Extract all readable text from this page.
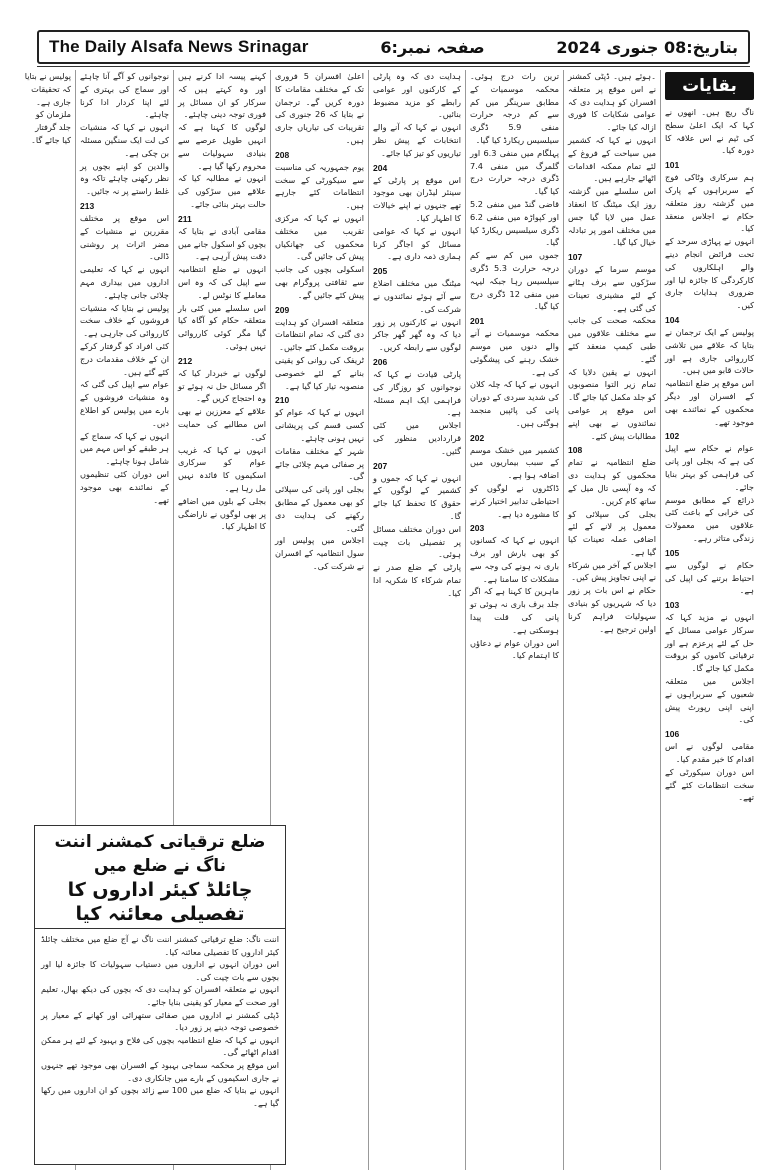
The Daily Alsafa News Srinagar	صفحہ نمبر:6	بتاریخ:08 جنوری 2024
بقایات

ناگ ریچ ہیں۔ انھوں نے کہا کہ ایک اعلیٰ سطح کی ٹیم نے اس علاقہ کا دورہ کیا۔

101

ہم سرکاری وٹاکی فوج کے سربراہوں کے پارک میں گزشتہ روز متعلقہ حکام نے اجلاس منعقد کیا۔

انہوں نے پہاڑی سرحد کے تحت فرائض انجام دینے والے اہلکاروں کی کارکردگی کا جائزہ لیا اور ضروری ہدایات جاری کیں۔

104

پولیس کے ایک ترجمان نے بتایا کہ علاقے میں تلاشی کارروائی جاری ہے اور حالات قابو میں ہیں۔

اس موقع پر ضلع انتظامیہ کے افسران اور دیگر محکموں کے نمائندے بھی موجود تھے۔

102

عوام نے حکام سے اپیل کی ہے کہ بجلی اور پانی کی فراہمی کو بہتر بنایا جائے۔

ذرائع کے مطابق موسم کی خرابی کے باعث کئی علاقوں میں معمولات زندگی متاثر رہے۔

105

حکام نے لوگوں سے احتیاط برتنے کی اپیل کی ہے۔

103

انہوں نے مزید کہا کہ سرکار عوامی مسائل کے حل کے لئے پرعزم ہے اور ترقیاتی کاموں کو بروقت مکمل کیا جائے گا۔

اجلاس میں متعلقہ شعبوں کے سربراہوں نے اپنی اپنی رپورٹ پیش کی۔

106

مقامی لوگوں نے اس اقدام کا خیر مقدم کیا۔

اس دوران سیکورٹی کے سخت انتظامات کئے گئے تھے۔

۔ہوئے ہیں۔ ڈپٹی کمشنر نے اس موقع پر متعلقہ افسران کو ہدایت دی کہ عوامی شکایات کا فوری ازالہ کیا جائے۔

انہوں نے کہا کہ کشمیر میں سیاحت کے فروغ کے لئے تمام ممکنہ اقدامات اٹھائے جارہے ہیں۔

اس سلسلے میں گزشتہ روز ایک میٹنگ کا انعقاد عمل میں لایا گیا جس میں مختلف امور پر تبادلہ خیال کیا گیا۔

107

موسم سرما کے دوران سڑکوں سے برف ہٹانے کے لئے مشینری تعینات کی گئی ہے۔

محکمہ صحت کی جانب سے مختلف علاقوں میں طبی کیمپ منعقد کئے گئے۔

انہوں نے یقین دلایا کہ تمام زیر التوا منصوبوں کو جلد مکمل کیا جائے گا۔

اس موقع پر عوامی نمائندوں نے بھی اپنے مطالبات پیش کئے۔

108

ضلع انتظامیہ نے تمام محکموں کو ہدایت دی کہ وہ آپسی تال میل کے ساتھ کام کریں۔

بجلی کی سپلائی کو معمول پر لانے کے لئے اضافی عملہ تعینات کیا گیا ہے۔

اجلاس کے آخر میں شرکاء نے اپنی تجاویز پیش کیں۔

حکام نے اس بات پر زور دیا کہ شہریوں کو بنیادی سہولیات فراہم کرنا اولین ترجیح ہے۔

ترین رات درج ہوئی۔ محکمہ موسمیات کے مطابق سرینگر میں کم سے کم درجہ حرارت منفی 5.9 ڈگری سیلسیس ریکارڈ کیا گیا۔

پہلگام میں منفی 6.3 اور گلمرگ میں منفی 7.4 ڈگری درجہ حرارت درج کیا گیا۔

قاضی گنڈ میں منفی 5.2 اور کپواڑہ میں منفی 6.2 ڈگری سیلسیس ریکارڈ کیا گیا۔

جموں میں کم سے کم درجہ حرارت 5.3 ڈگری سیلسیس رہا جبکہ لیہہ میں منفی 12 ڈگری درج کیا گیا۔

201

محکمہ موسمیات نے آنے والے دنوں میں موسم خشک رہنے کی پیشگوئی کی ہے۔

انہوں نے کہا کہ چلہ کلان کی شدید سردی کے دوران پانی کی پائپیں منجمد ہوگئی ہیں۔

202

کشمیر میں خشک موسم کے سبب بیماریوں میں اضافہ ہوا ہے۔

ڈاکٹروں نے لوگوں کو احتیاطی تدابیر اختیار کرنے کا مشورہ دیا ہے۔

203

انہوں نے کہا کہ کسانوں کو بھی بارش اور برف باری نہ ہونے کی وجہ سے مشکلات کا سامنا ہے۔

ماہرین کا کہنا ہے کہ اگر جلد برف باری نہ ہوئی تو پانی کی قلت پیدا ہوسکتی ہے۔

اس دوران عوام نے دعاؤں کا اہتمام کیا۔

ہدایت دی کہ وہ پارٹی کے کارکنوں اور عوامی رابطے کو مزید مضبوط بنائیں۔

انہوں نے کہا کہ آنے والے انتخابات کے پیش نظر تیاریوں کو تیز کیا جائے۔

204

اس موقع پر پارٹی کے سینئر لیڈران بھی موجود تھے جنہوں نے اپنے خیالات کا اظہار کیا۔

انہوں نے کہا کہ عوامی مسائل کو اجاگر کرنا ہماری ذمہ داری ہے۔

205

میٹنگ میں مختلف اضلاع سے آئے ہوئے نمائندوں نے شرکت کی۔

انہوں نے کارکنوں پر زور دیا کہ وہ گھر گھر جاکر لوگوں سے رابطہ کریں۔

206

پارٹی قیادت نے کہا کہ نوجوانوں کو روزگار کی فراہمی ایک اہم مسئلہ ہے۔

اجلاس میں کئی قراردادیں منظور کی گئیں۔

207

انہوں نے کہا کہ جموں و کشمیر کے لوگوں کے حقوق کا تحفظ کیا جائے گا۔

اس دوران مختلف مسائل پر تفصیلی بات چیت ہوئی۔

پارٹی کے ضلع صدر نے تمام شرکاء کا شکریہ ادا کیا۔

اعلیٰ افسران 5 فروری تک کے مختلف مقامات کا دورہ کریں گے۔ ترجمان نے بتایا کہ 26 جنوری کی تقریبات کی تیاریاں جاری ہیں۔

208

یوم جمہوریہ کی مناسبت سے سیکورٹی کے سخت انتظامات کئے جارہے ہیں۔

انہوں نے کہا کہ مرکزی تقریب میں مختلف محکموں کی جھانکیاں پیش کی جائیں گی۔

اسکولی بچوں کی جانب سے ثقافتی پروگرام بھی پیش کئے جائیں گے۔

209

متعلقہ افسران کو ہدایت دی گئی کہ تمام انتظامات بروقت مکمل کئے جائیں۔

ٹریفک کی روانی کو یقینی بنانے کے لئے خصوصی منصوبہ تیار کیا گیا ہے۔

210

انہوں نے کہا کہ عوام کو کسی قسم کی پریشانی نہیں ہونی چاہئے۔

شہر کے مختلف مقامات پر صفائی مہم چلائی جائے گی۔

بجلی اور پانی کی سپلائی کو بھی معمول کے مطابق رکھنے کی ہدایت دی گئی۔

اجلاس میں پولیس اور سول انتظامیہ کے افسران نے شرکت کی۔

کہنے پیسہ ادا کرنے ہیں اور وہ کہتے ہیں کہ سرکار کو ان مسائل پر فوری توجہ دینی چاہئے۔

لوگوں کا کہنا ہے کہ انہیں طویل عرصے سے بنیادی سہولیات سے محروم رکھا گیا ہے۔

انہوں نے مطالبہ کیا کہ علاقے میں سڑکوں کی حالت بہتر بنائی جائے۔

211

مقامی آبادی نے بتایا کہ بچوں کو اسکول جانے میں دقت پیش آرہی ہے۔

انہوں نے ضلع انتظامیہ سے اپیل کی کہ وہ اس معاملے کا نوٹس لے۔

اس سلسلے میں کئی بار متعلقہ حکام کو آگاہ کیا گیا مگر کوئی کارروائی نہیں ہوئی۔

212

لوگوں نے خبردار کیا کہ اگر مسائل حل نہ ہوئے تو وہ احتجاج کریں گے۔

علاقے کے معززین نے بھی اس مطالبے کی حمایت کی۔

انہوں نے کہا کہ غریب عوام کو سرکاری اسکیموں کا فائدہ نہیں مل رہا ہے۔

بجلی کے بلوں میں اضافے پر بھی لوگوں نے ناراضگی کا اظہار کیا۔

نوجوانوں کو آگے آنا چاہئے اور سماج کی بہتری کے لئے اپنا کردار ادا کرنا چاہئے۔

انہوں نے کہا کہ منشیات کی لت ایک سنگین مسئلہ بن چکی ہے۔

والدین کو اپنے بچوں پر نظر رکھنی چاہئے تاکہ وہ غلط راستے پر نہ جائیں۔

213

اس موقع پر مختلف مقررین نے منشیات کے مضر اثرات پر روشنی ڈالی۔

انہوں نے کہا کہ تعلیمی اداروں میں بیداری مہم چلائی جانی چاہئے۔

پولیس نے بتایا کہ منشیات فروشوں کے خلاف سخت کارروائی کی جارہی ہے۔

کئی افراد کو گرفتار کرکے ان کے خلاف مقدمات درج کئے گئے ہیں۔

عوام سے اپیل کی گئی کہ وہ منشیات فروشوں کے بارے میں پولیس کو اطلاع دیں۔

انہوں نے کہا کہ سماج کے ہر طبقے کو اس مہم میں شامل ہونا چاہئے۔

اس دوران کئی تنظیموں کے نمائندے بھی موجود تھے۔

پولیس نے بتایا

کہ تحقیقات

جاری ہے۔

ملزمان کو

جلد گرفتار

کیا جائے گا۔

ضلع ترقیاتی کمشنر اننت ناگ نے ضلع میں
چائلڈ کیئر اداروں کا تفصیلی معائنہ کیا

اننت ناگ: ضلع ترقیاتی کمشنر اننت ناگ نے آج ضلع میں مختلف چائلڈ کیئر اداروں کا تفصیلی معائنہ کیا۔

اس دوران انہوں نے اداروں میں دستیاب سہولیات کا جائزہ لیا اور بچوں سے بات چیت کی۔

انہوں نے متعلقہ افسران کو ہدایت دی کہ بچوں کی دیکھ بھال، تعلیم اور صحت کے معیار کو یقینی بنایا جائے۔

ڈپٹی کمشنر نے اداروں میں صفائی ستھرائی اور کھانے کے معیار پر خصوصی توجہ دینے پر زور دیا۔

انہوں نے کہا کہ ضلع انتظامیہ بچوں کی فلاح و بہبود کے لئے ہر ممکن اقدام اٹھائے گی۔

اس موقع پر محکمہ سماجی بہبود کے افسران بھی موجود تھے جنہوں نے جاری اسکیموں کے بارے میں جانکاری دی۔

انہوں نے بتایا کہ ضلع میں 100 سے زائد بچوں کو ان اداروں میں رکھا گیا ہے۔
